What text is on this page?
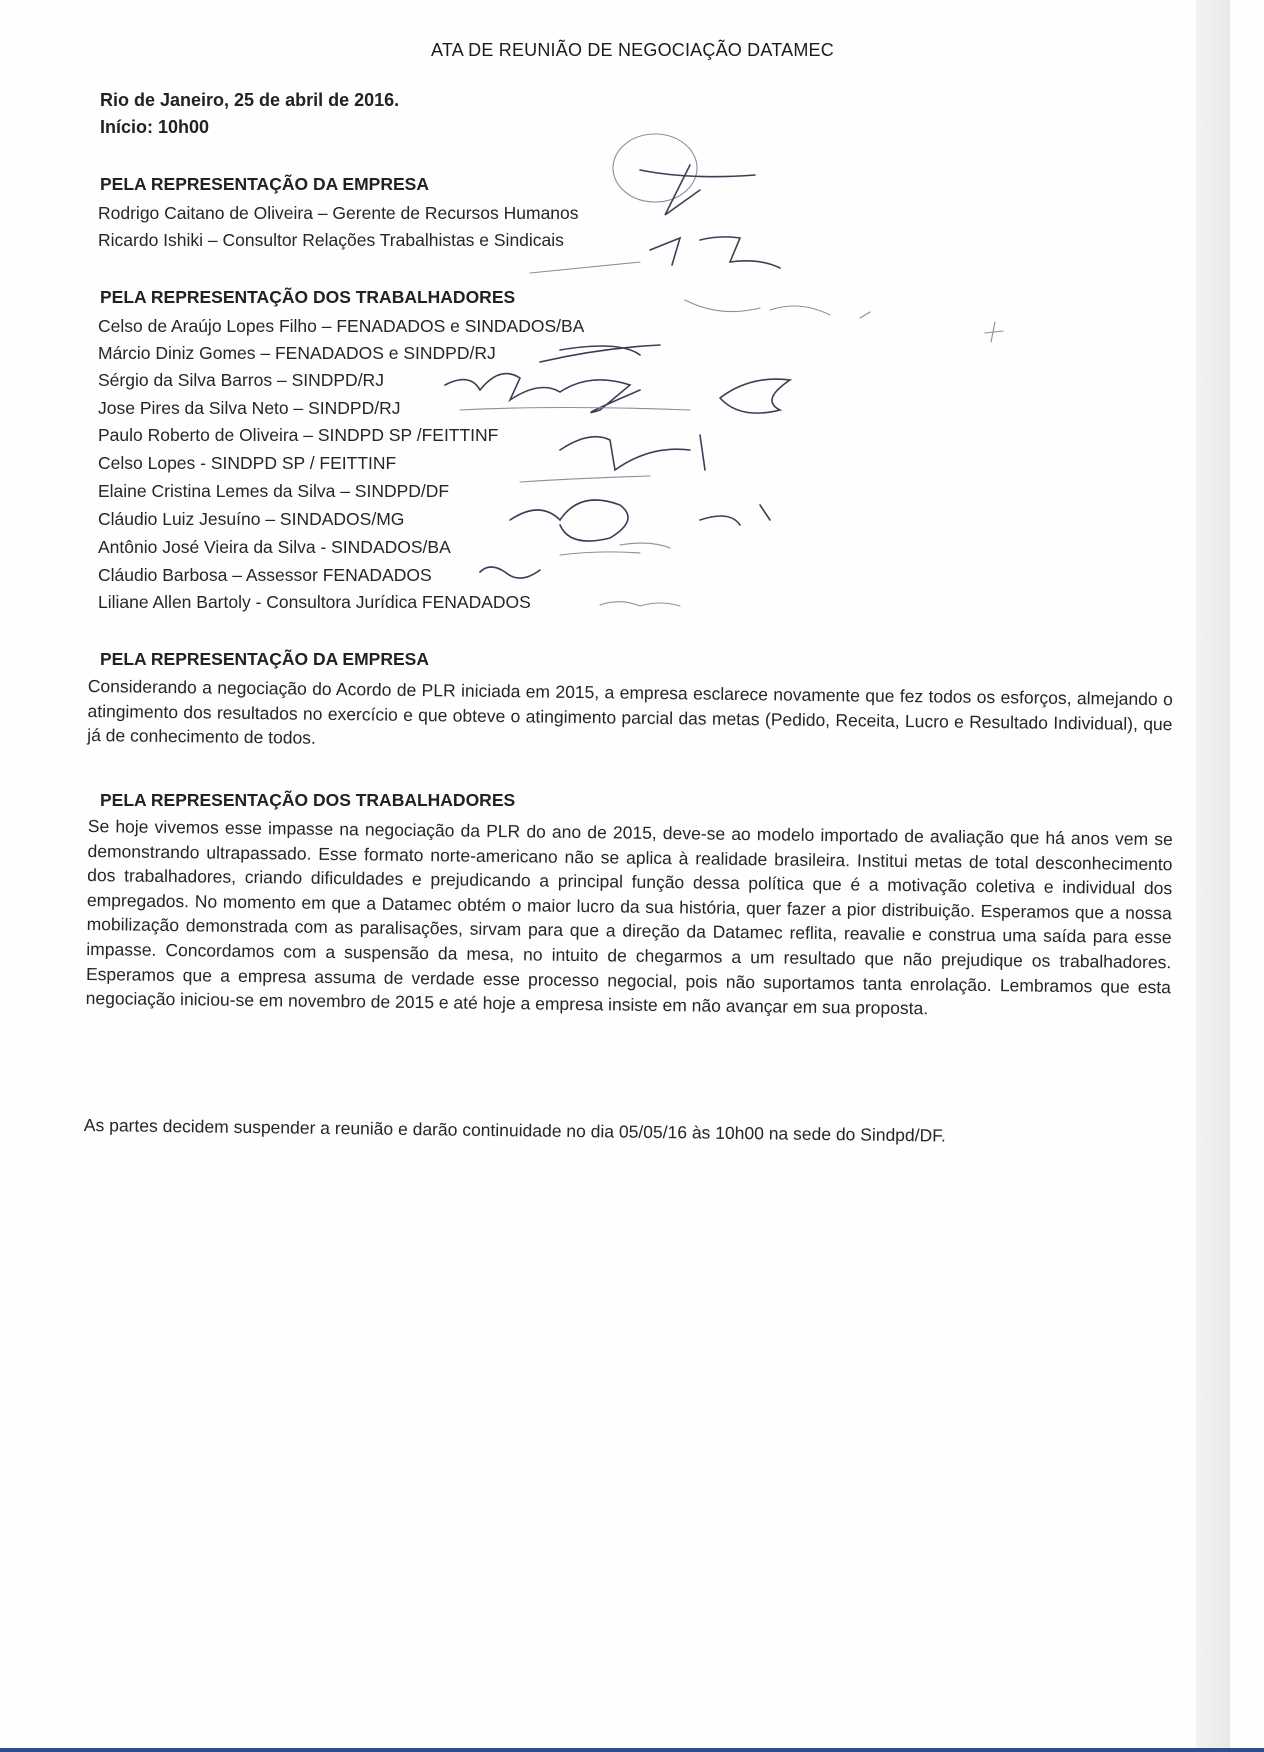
ATA DE REUNIÃO DE NEGOCIAÇÃO DATAMEC
Rio de Janeiro, 25 de abril de 2016.
Início: 10h00
PELA REPRESENTAÇÃO DA EMPRESA
Rodrigo Caitano de Oliveira – Gerente de Recursos Humanos
Ricardo Ishiki – Consultor Relações Trabalhistas e Sindicais
PELA REPRESENTAÇÃO DOS TRABALHADORES
Celso de Araújo Lopes Filho – FENADADOS e SINDADOS/BA
Márcio Diniz Gomes – FENADADOS e SINDPD/RJ
Sérgio da Silva Barros – SINDPD/RJ
Jose Pires da Silva Neto – SINDPD/RJ
Paulo Roberto de Oliveira – SINDPD SP /FEITTINF
Celso Lopes - SINDPD SP / FEITTINF
Elaine Cristina Lemes da Silva – SINDPD/DF
Cláudio Luiz Jesuíno – SINDADOS/MG
Antônio José Vieira da Silva - SINDADOS/BA
Cláudio Barbosa – Assessor FENADADOS
Liliane Allen Bartoly - Consultora Jurídica FENADADOS
PELA REPRESENTAÇÃO DA EMPRESA
Considerando a negociação do Acordo de PLR iniciada em 2015, a empresa esclarece novamente que fez todos os esforços, almejando o atingimento dos resultados no exercício e que obteve o atingimento parcial das metas (Pedido, Receita, Lucro e Resultado Individual), que já de conhecimento de todos.
PELA REPRESENTAÇÃO DOS TRABALHADORES
Se hoje vivemos esse impasse na negociação da PLR do ano de 2015, deve-se ao modelo importado de avaliação que há anos vem se demonstrando ultrapassado. Esse formato norte-americano não se aplica à realidade brasileira. Institui metas de total desconhecimento dos trabalhadores, criando dificuldades e prejudicando a principal função dessa política que é a motivação coletiva e individual dos empregados. No momento em que a Datamec obtém o maior lucro da sua história, quer fazer a pior distribuição. Esperamos que a nossa mobilização demonstrada com as paralisações, sirvam para que a direção da Datamec reflita, reavalie e construa uma saída para esse impasse. Concordamos com a suspensão da mesa, no intuito de chegarmos a um resultado que não prejudique os trabalhadores. Esperamos que a empresa assuma de verdade esse processo negocial, pois não suportamos tanta enrolação. Lembramos que esta negociação iniciou-se em novembro de 2015 e até hoje a empresa insiste em não avançar em sua proposta.
As partes decidem suspender a reunião e darão continuidade no dia 05/05/16 às 10h00 na sede do Sindpd/DF.
